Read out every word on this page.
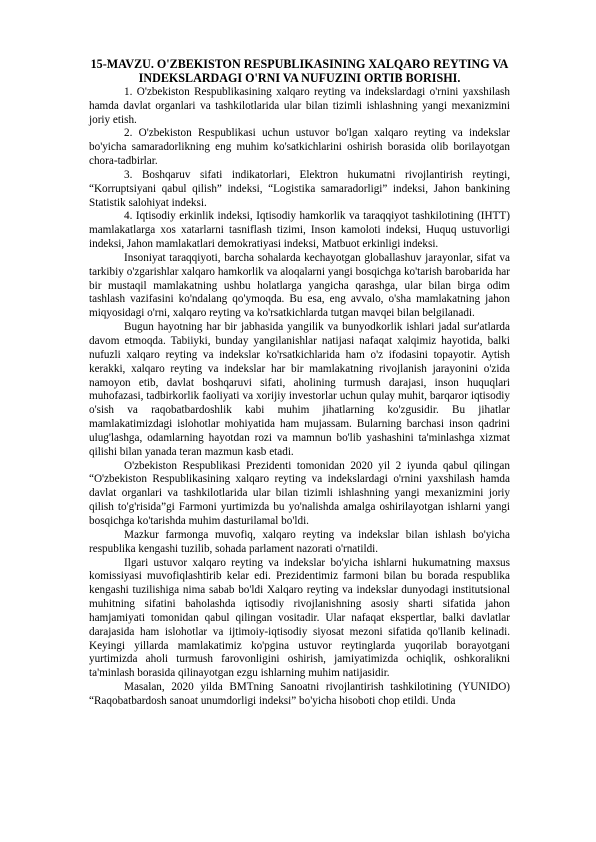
15-MAVZU. O'ZBEKISTON RESPUBLIKASINING XALQARO REYTING VA INDEKSLARDAGI O'RNI VA NUFUZINI ORTIB BORISHI.

1. O'zbekiston Respublikasining xalqaro reyting va indekslardagi o'rnini yaxshilash hamda davlat organlari va tashkilotlarida ular bilan tizimli ishlashning yangi mexanizmini joriy etish.

2. O'zbekiston Respublikasi uchun ustuvor bo'lgan xalqaro reyting va indekslar bo'yicha samaradorlikning eng muhim ko'satkichlarini oshirish borasida olib borilayotgan chora-tadbirlar.

3. Boshqaruv sifati indikatorlari, Elektron hukumatni rivojlantirish reytingi, “Korruptsiyani qabul qilish” indeksi, “Logistika samaradorligi” indeksi, Jahon bankining Statistik salohiyat indeksi.

4. Iqtisodiy erkinlik indeksi, Iqtisodiy hamkorlik va taraqqiyot tashkilotining (IHTT) mamlakatlarga xos xatarlarni tasniflash tizimi, Inson kamoloti indeksi, Huquq ustuvorligi indeksi, Jahon mamlakatlari demokratiyasi indeksi, Matbuot erkinligi indeksi.

Insoniyat taraqqiyoti, barcha sohalarda kechayotgan globallashuv jarayonlar, sifat va tarkibiy o'zgarishlar xalqaro hamkorlik va aloqalarni yangi bosqichga ko'tarish barobarida har bir mustaqil mamlakatning ushbu holatlarga yangicha qarashga, ular bilan birga odim tashlash vazifasini ko'ndalang qo'ymoqda. Bu esa, eng avvalo, o'sha mamlakatning jahon miqyosidagi o'rni, xalqaro reyting va ko'rsatkichlarda tutgan mavqei bilan belgilanadi.

Bugun hayotning har bir jabhasida yangilik va bunyodkorlik ishlari jadal sur'atlarda davom etmoqda. Tabiiyki, bunday yangilanishlar natijasi nafaqat xalqimiz hayotida, balki nufuzli xalqaro reyting va indekslar ko'rsatkichlarida ham o'z ifodasini topayotir. Aytish kerakki, xalqaro reyting va indekslar har bir mamlakatning rivojlanish jarayonini o'zida namoyon etib, davlat boshqaruvi sifati, aholining turmush darajasi, inson huquqlari muhofazasi, tadbirkorlik faoliyati va xorijiy investorlar uchun qulay muhit, barqaror iqtisodiy o'sish va raqobatbardoshlik kabi muhim jihatlarning ko'zgusidir. Bu jihatlar mamlakatimizdagi islohotlar mohiyatida ham mujassam. Bularning barchasi inson qadrini ulug'lashga, odamlarning hayotdan rozi va mamnun bo'lib yashashini ta'minlashga xizmat qilishi bilan yanada teran mazmun kasb etadi.

O'zbekiston Respublikasi Prezidenti tomonidan 2020 yil 2 iyunda qabul qilingan “O'zbekiston Respublikasining xalqaro reyting va indekslardagi o'rnini yaxshilash hamda davlat organlari va tashkilotlarida ular bilan tizimli ishlashning yangi mexanizmini joriy qilish to'g'risida”gi Farmoni yurtimizda bu yo'nalishda amalga oshirilayotgan ishlarni yangi bosqichga ko'tarishda muhim dasturilamal bo'ldi.

Mazkur farmonga muvofiq, xalqaro reyting va indekslar bilan ishlash bo'yicha respublika kengashi tuzilib, sohada parlament nazorati o'rnatildi.

Ilgari ustuvor xalqaro reyting va indekslar bo'yicha ishlarni hukumatning maxsus komissiyasi muvofiqlashtirib kelar edi. Prezidentimiz farmoni bilan bu borada respublika kengashi tuzilishiga nima sabab bo'ldi Xalqaro reyting va indekslar dunyodagi institutsional muhitning sifatini baholashda iqtisodiy rivojlanishning asosiy sharti sifatida jahon hamjamiyati tomonidan qabul qilingan vositadir. Ular nafaqat ekspertlar, balki davlatlar darajasida ham islohotlar va ijtimoiy-iqtisodiy siyosat mezoni sifatida qo'llanib kelinadi. Keyingi yillarda mamlakatimiz ko'pgina ustuvor reytinglarda yuqorilab borayotgani yurtimizda aholi turmush farovonligini oshirish, jamiyatimizda ochiqlik, oshkoralikni ta'minlash borasida qilinayotgan ezgu ishlarning muhim natijasidir.

Masalan, 2020 yilda BMTning Sanoatni rivojlantirish tashkilotining (YUNIDO) “Raqobatbardosh sanoat unumdorligi indeksi” bo'yicha hisoboti chop etildi. Unda
